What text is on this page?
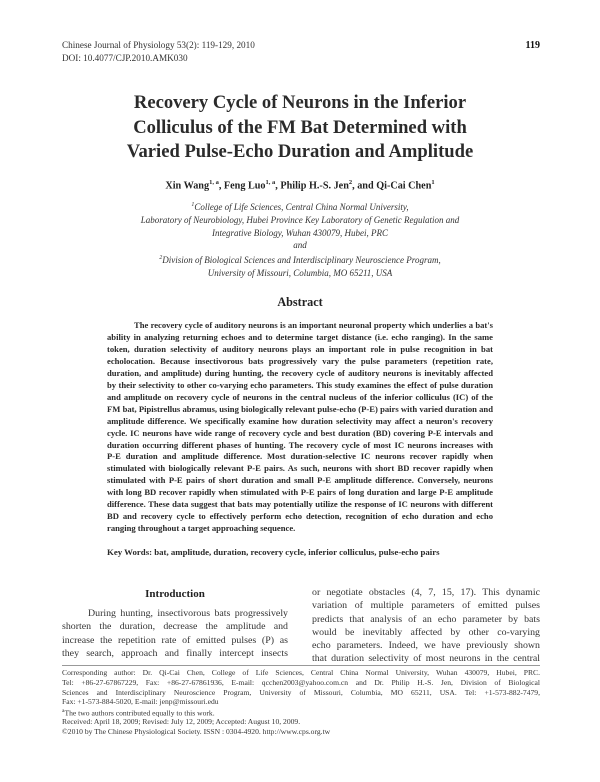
Chinese Journal of Physiology 53(2): 119-129, 2010
DOI: 10.4077/CJP.2010.AMK030
119
Recovery Cycle of Neurons in the Inferior
Colliculus of the FM Bat Determined with
Varied Pulse-Echo Duration and Amplitude
Xin Wang$^{1, a}$, Feng Luo$^{1, a}$, Philip H.-S. Jen$^2$, and Qi-Cai Chen$^1$
$^1$College of Life Sciences, Central China Normal University,
Laboratory of Neurobiology, Hubei Province Key Laboratory of Genetic Regulation and
Integrative Biology, Wuhan 430079, Hubei, PRC
and
$^2$Division of Biological Sciences and Interdisciplinary Neuroscience Program,
University of Missouri, Columbia, MO 65211, USA
Abstract
The recovery cycle of auditory neurons is an important neuronal property which underlies a bat's
ability in analyzing returning echoes and to determine target distance (i.e. echo ranging). In the same
token, duration selectivity of auditory neurons plays an important role in pulse recognition in bat
echolocation. Because insectivorous bats progressively vary the pulse parameters (repetition rate,
duration, and amplitude) during hunting, the recovery cycle of auditory neurons is inevitably affected
by their selectivity to other co-varying echo parameters. This study examines the effect of pulse duration
and amplitude on recovery cycle of neurons in the central nucleus of the inferior colliculus (IC) of the
FM bat, Pipistrellus abramus, using biologically relevant pulse-echo (P-E) pairs with varied duration and
amplitude difference. We specifically examine how duration selectivity may affect a neuron's recovery
cycle. IC neurons have wide range of recovery cycle and best duration (BD) covering P-E intervals and
duration occurring different phases of hunting. The recovery cycle of most IC neurons increases with
P-E duration and amplitude difference. Most duration-selective IC neurons recover rapidly when
stimulated with biologically relevant P-E pairs. As such, neurons with short BD recover rapidly when
stimulated with P-E pairs of short duration and small P-E amplitude difference. Conversely, neurons
with long BD recover rapidly when stimulated with P-E pairs of long duration and large P-E amplitude
difference. These data suggest that bats may potentially utilize the response of IC neurons with different
BD and recovery cycle to effectively perform echo detection, recognition of echo duration and echo
ranging throughout a target approaching sequence.
Key Words: bat, amplitude, duration, recovery cycle, inferior colliculus, pulse-echo pairs
Introduction
During hunting, insectivorous bats progressively
shorten the duration, decrease the amplitude and
increase the repetition rate of emitted pulses (P) as
they search, approach and finally intercept insects
or negotiate obstacles (4, 7, 15, 17). This dynamic
variation of multiple parameters of emitted pulses
predicts that analysis of an echo parameter by bats
would be inevitably affected by other co-varying
echo parameters. Indeed, we have previously shown
that duration selectivity of most neurons in the central
Corresponding author: Dr. Qi-Cai Chen, College of Life Sciences, Central China Normal University, Wuhan 430079, Hubei, PRC.
Tel: +86-27-67867229, Fax: +86-27-67861936, E-mail: qcchen2003@yahoo.com.cn and Dr. Philip H.-S. Jen, Division of Biological
Sciences and Interdisciplinary Neuroscience Program, University of Missouri, Columbia, MO 65211, USA. Tel: +1-573-882-7479,
Fax: +1-573-884-5020, E-mail: jenp@missouri.edu
$^a$The two authors contributed equally to this work.
Received: April 18, 2009; Revised: July 12, 2009; Accepted: August 10, 2009.
©2010 by The Chinese Physiological Society. ISSN : 0304-4920. http://www.cps.org.tw
